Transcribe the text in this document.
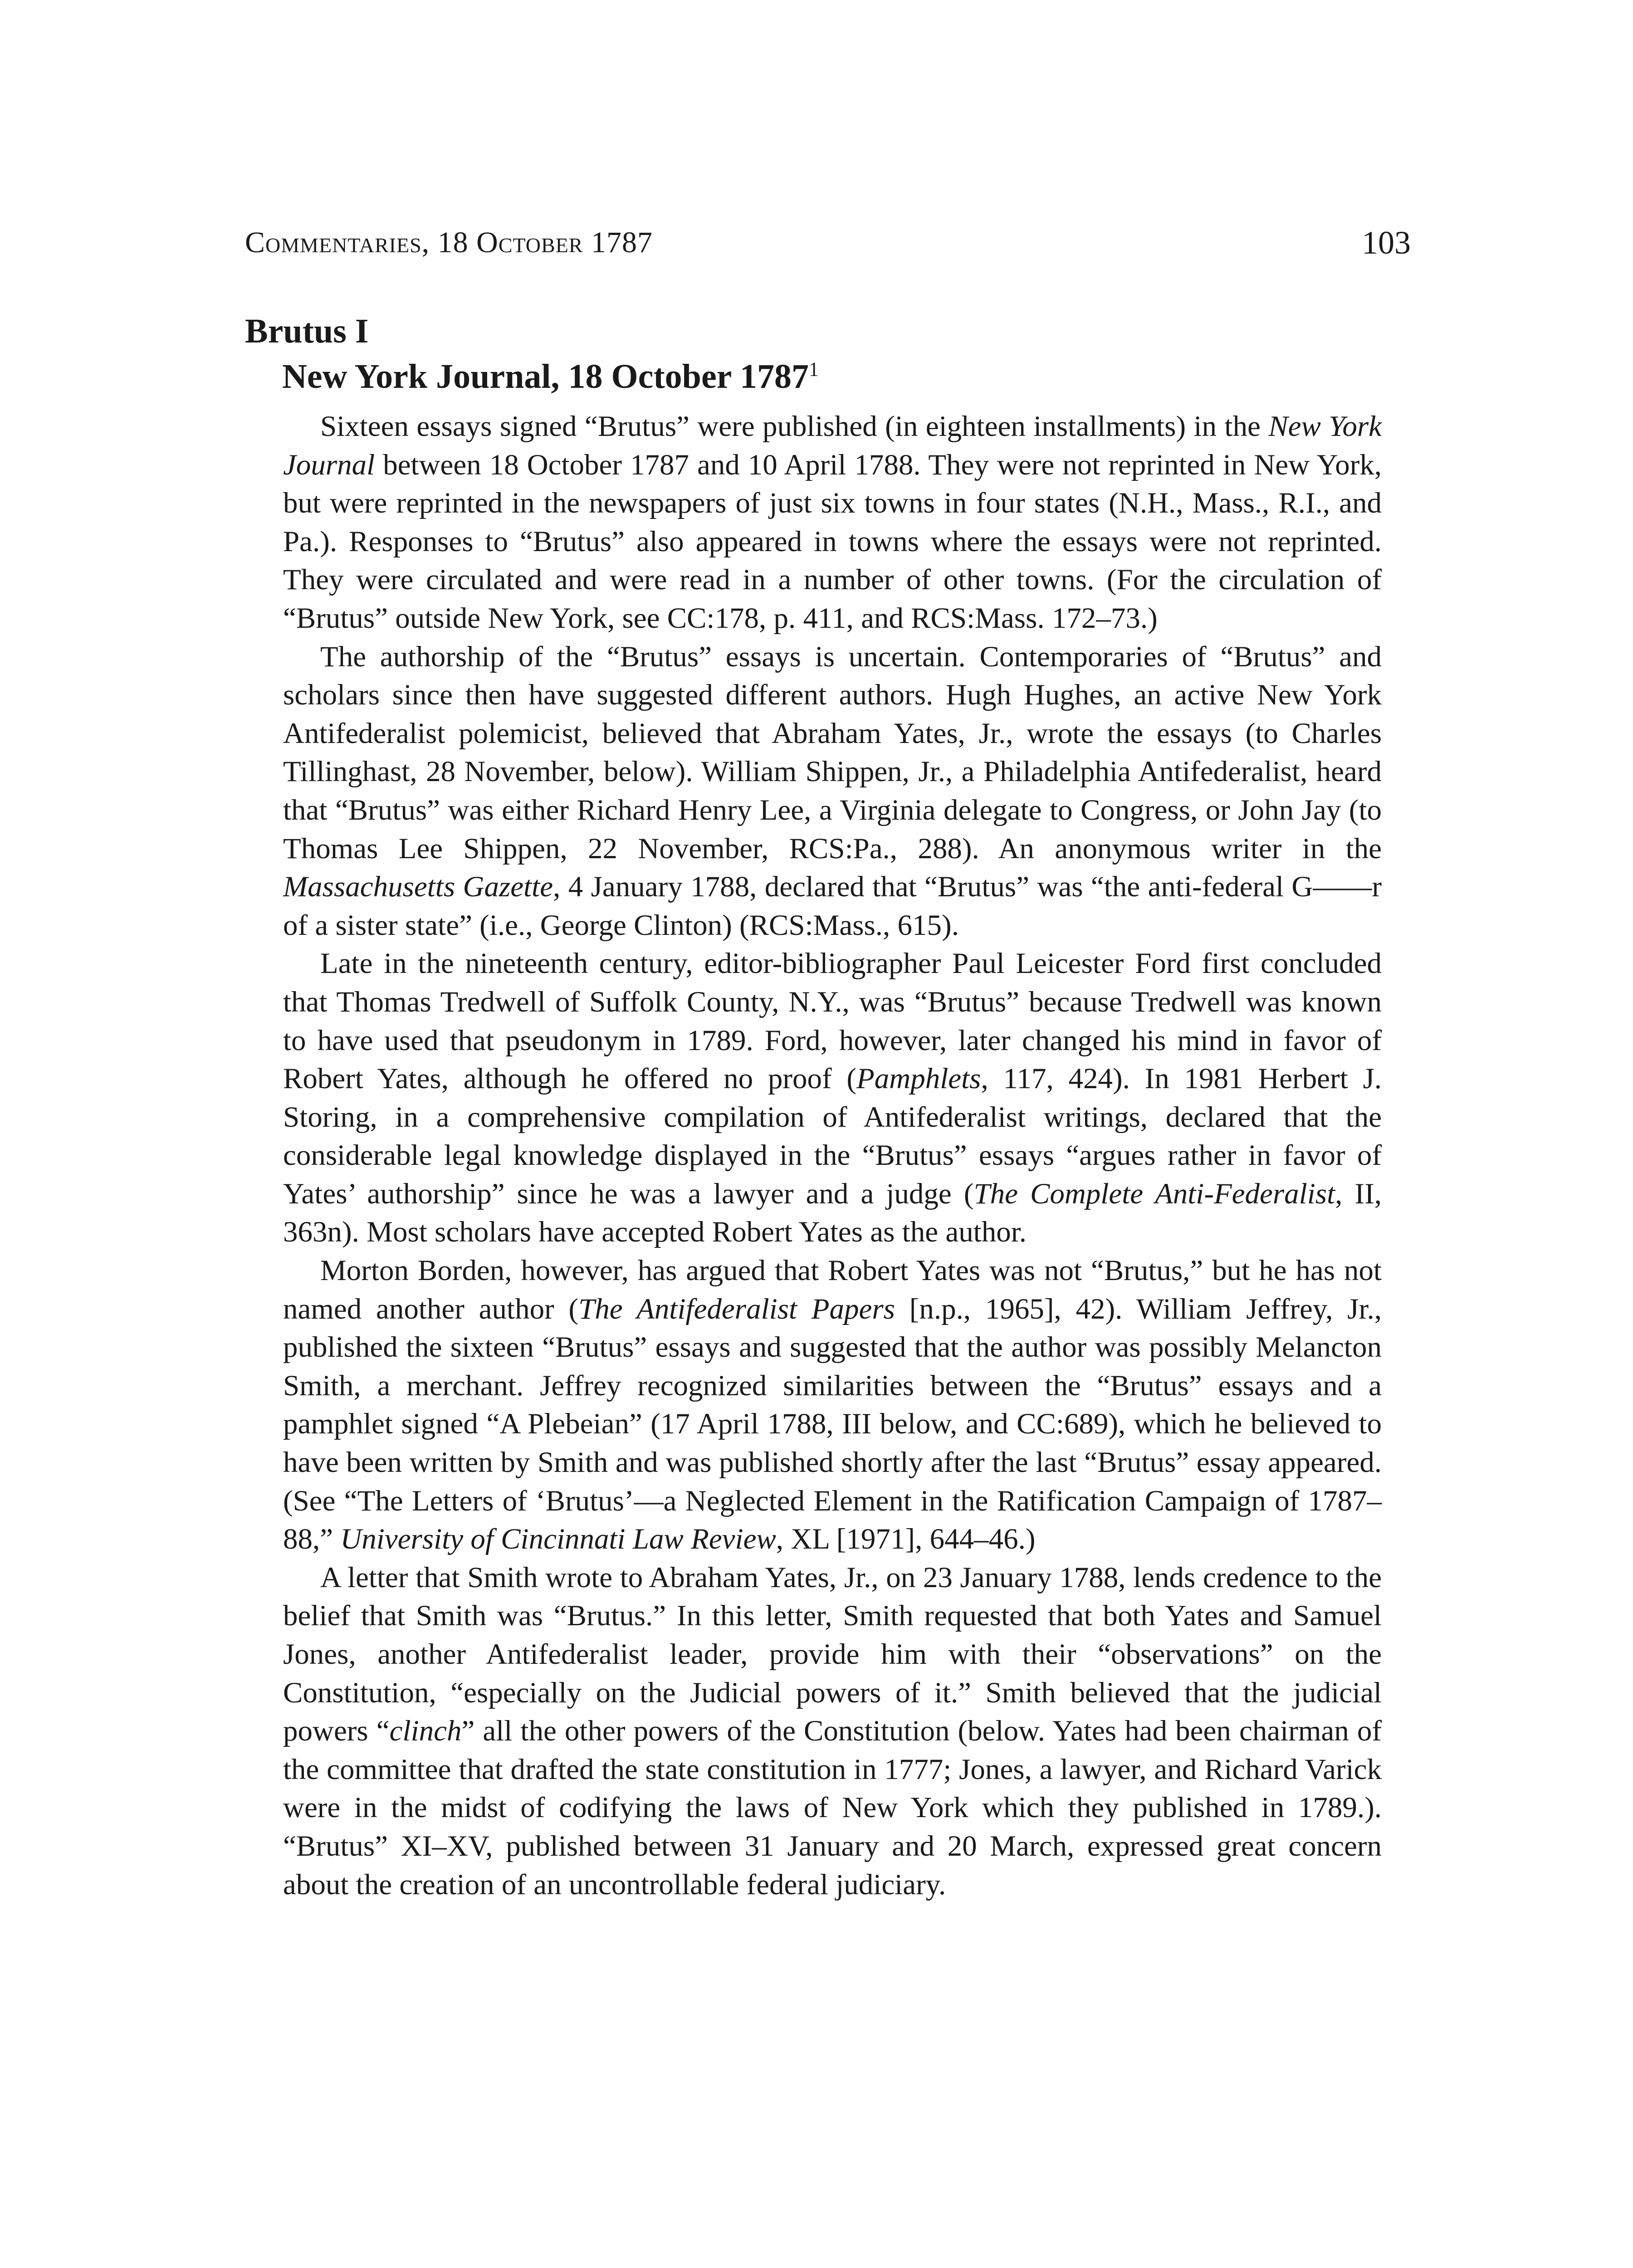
Commentaries, 18 October 1787	103
Brutus I
New York Journal, 18 October 1787$^1$

Sixteen essays signed “Brutus” were published (in eighteen installments) in the New York Journal between 18 October 1787 and 10 April 1788. They were not reprinted in New York, but were reprinted in the newspapers of just six towns in four states (N.H., Mass., R.I., and Pa.). Responses to “Brutus” also appeared in towns where the essays were not reprinted. They were circulated and were read in a number of other towns. (For the circulation of “Brutus” outside New York, see CC:178, p. 411, and RCS:Mass. 172–73.)

The authorship of the “Brutus” essays is uncertain. Contemporaries of “Brutus” and scholars since then have suggested different authors. Hugh Hughes, an active New York Antifederalist polemicist, believed that Abraham Yates, Jr., wrote the essays (to Charles Tillinghast, 28 November, below). William Shippen, Jr., a Philadelphia Antifederalist, heard that “Brutus” was either Richard Henry Lee, a Virginia delegate to Congress, or John Jay (to Thomas Lee Shippen, 22 November, RCS:Pa., 288). An anonymous writer in the Massachusetts Gazette, 4 January 1788, declared that “Brutus” was “the anti-federal G——r of a sister state” (i.e., George Clinton) (RCS:Mass., 615).

Late in the nineteenth century, editor-bibliographer Paul Leicester Ford first concluded that Thomas Tredwell of Suffolk County, N.Y., was “Brutus” because Tredwell was known to have used that pseudonym in 1789. Ford, however, later changed his mind in favor of Robert Yates, although he offered no proof (Pamphlets, 117, 424). In 1981 Herbert J. Storing, in a comprehensive compilation of Antifederalist writings, declared that the considerable legal knowledge displayed in the “Brutus” essays “argues rather in favor of Yates’ authorship” since he was a lawyer and a judge (The Complete Anti-Federalist, II, 363n). Most scholars have accepted Robert Yates as the author.

Morton Borden, however, has argued that Robert Yates was not “Brutus,” but he has not named another author (The Antifederalist Papers [n.p., 1965], 42). William Jeffrey, Jr., published the sixteen “Brutus” essays and suggested that the author was possibly Melancton Smith, a merchant. Jeffrey recognized similarities between the “Brutus” essays and a pamphlet signed “A Plebeian” (17 April 1788, III below, and CC:689), which he believed to have been written by Smith and was published shortly after the last “Brutus” essay appeared. (See “The Letters of ‘Brutus’—a Neglected Element in the Ratification Campaign of 1787–88,” University of Cincinnati Law Review, XL [1971], 644–46.)

A letter that Smith wrote to Abraham Yates, Jr., on 23 January 1788, lends credence to the belief that Smith was “Brutus.” In this letter, Smith requested that both Yates and Samuel Jones, another Antifederalist leader, provide him with their “observations” on the Constitution, “especially on the Judicial powers of it.” Smith believed that the judicial powers “clinch” all the other powers of the Constitution (below. Yates had been chairman of the committee that drafted the state constitution in 1777; Jones, a lawyer, and Richard Varick were in the midst of codifying the laws of New York which they published in 1789.). “Brutus” XI–XV, published between 31 January and 20 March, expressed great concern about the creation of an uncontrollable federal judiciary.
